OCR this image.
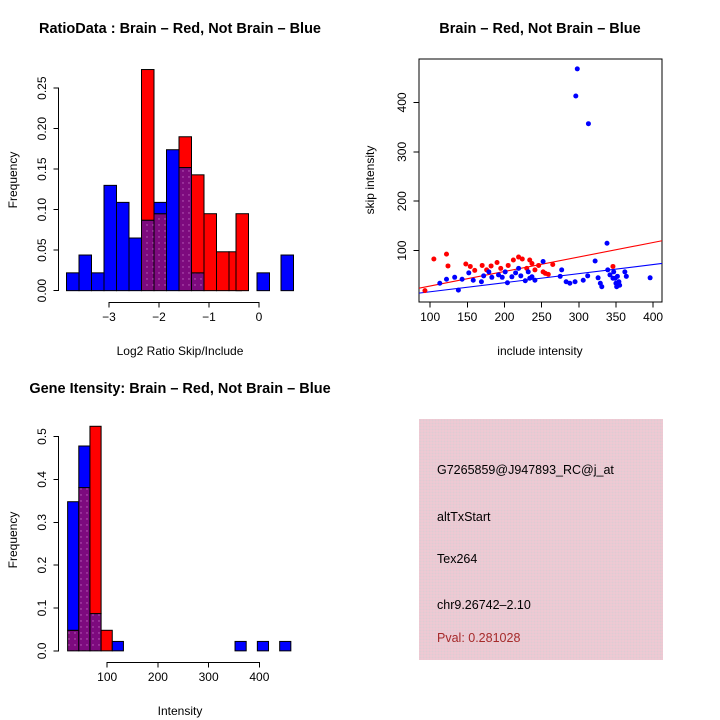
−3	−2	−1	0
0.00
0.05
0.10
0.15
0.20
0.25
RatioData : Brain – Red, Not Brain – Blue
Log2 Ratio Skip/Include
Frequency
100 150 200 250 300 350 400
100
200
300
400
Brain – Red, Not Brain – Blue
include intensity
skip intensity
100	200	300	400
0.0
0.1
0.2
0.3
0.4
0.5
Gene Itensity: Brain – Red, Not Brain – Blue
Intensity
Frequency
G7265859@J947893_RC@j_at
altTxStart
Tex264
chr9.26742–2.10
Pval: 0.281028
